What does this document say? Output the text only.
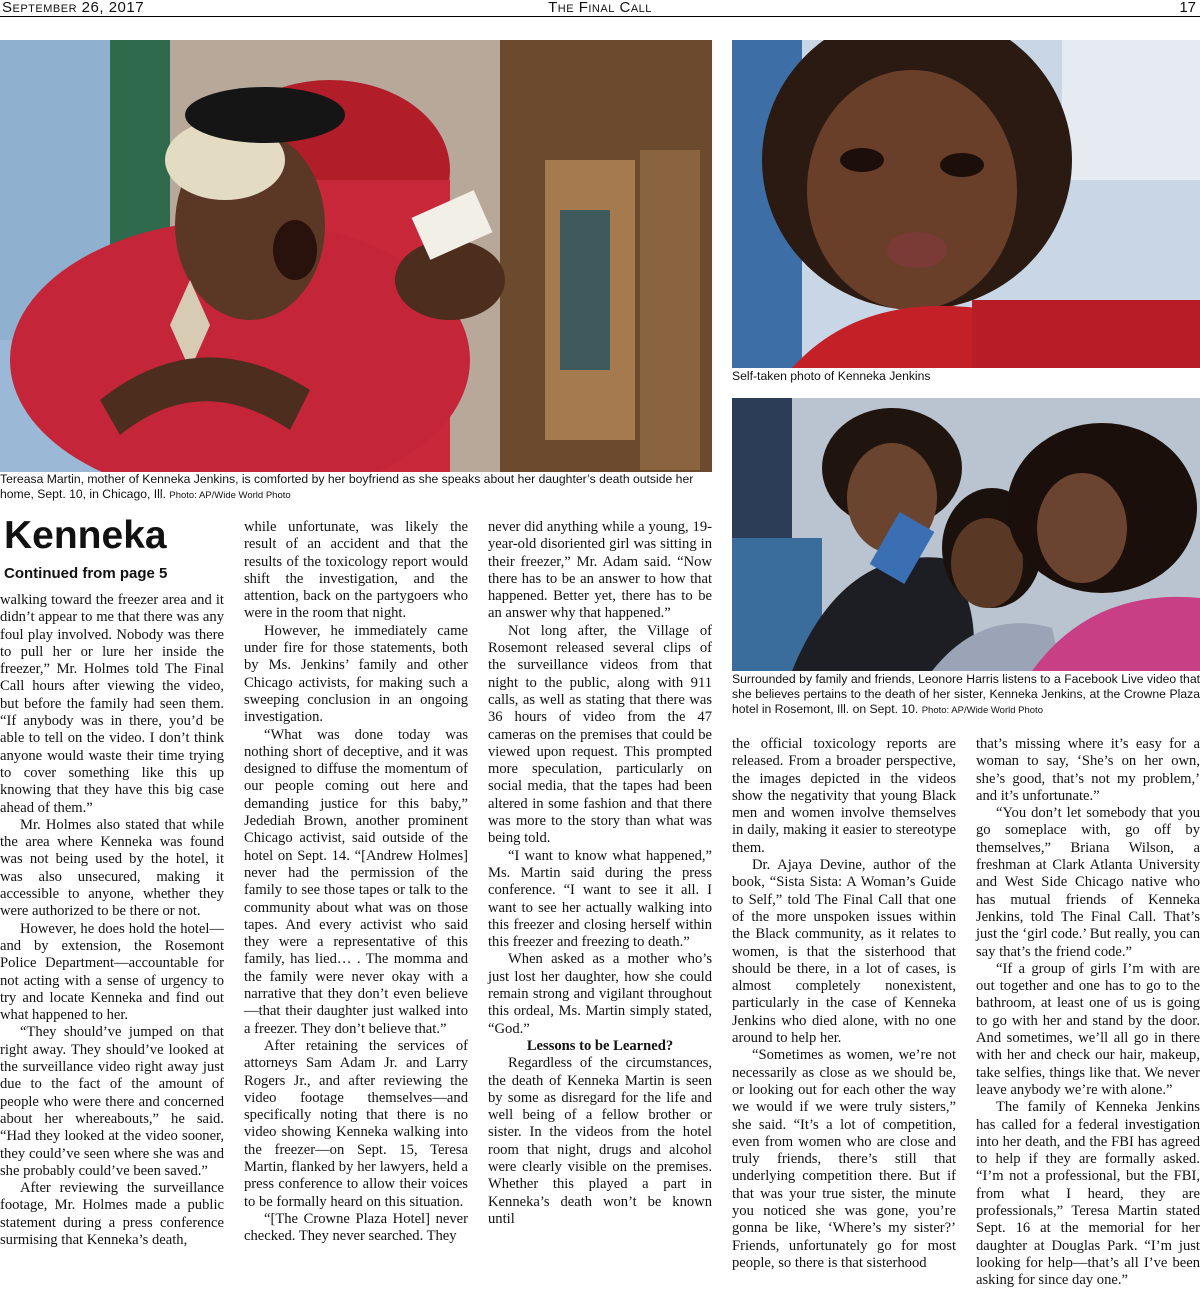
September 26, 2017	The Final Call	17
Tereasa Martin, mother of Kenneka Jenkins, is comforted by her boyfriend as she speaks about her daughter’s death outside her home, Sept. 10, in Chicago, Ill. Photo: AP/Wide World Photo
Self-taken photo of Kenneka Jenkins
Surrounded by family and friends, Leonore Harris listens to a Facebook Live video that she believes pertains to the death of her sister, Kenneka Jenkins, at the Crowne Plaza hotel in Rosemont, Ill. on Sept. 10. Photo: AP/Wide World Photo
Kenneka
Continued from page 5

walking toward the freezer area and it didn’t appear to me that there was any foul play involved. Nobody was there to pull her or lure her inside the freezer,” Mr. Holmes told The Final Call hours after viewing the video, but before the family had seen them. “If anybody was in there, you’d be able to tell on the video. I don’t think anyone would waste their time trying to cover something like this up knowing that they have this big case ahead of them.”

Mr. Holmes also stated that while the area where Kenneka was found was not being used by the hotel, it was also unsecured, making it accessible to anyone, whether they were authorized to be there or not.

However, he does hold the hotel—and by extension, the Rosemont Police Department—accountable for not acting with a sense of urgency to try and locate Kenneka and find out what happened to her.

“They should’ve jumped on that right away. They should’ve looked at the surveillance video right away just due to the fact of the amount of people who were there and concerned about her whereabouts,” he said. “Had they looked at the video sooner, they could’ve seen where she was and she probably could’ve been saved.”

After reviewing the surveillance footage, Mr. Holmes made a public statement during a press conference surmising that Kenneka’s death,

while unfortunate, was likely the result of an accident and that the results of the toxicology report would shift the investigation, and the attention, back on the partygoers who were in the room that night.

However, he immediately came under fire for those statements, both by Ms. Jenkins’ family and other Chicago activists, for making such a sweeping conclusion in an ongoing investigation.

“What was done today was nothing short of deceptive, and it was designed to diffuse the momentum of our people coming out here and demanding justice for this baby,” Jedediah Brown, another prominent Chicago activist, said outside of the hotel on Sept. 14. “[Andrew Holmes] never had the permission of the family to see those tapes or talk to the community about what was on those tapes. And every activist who said they were a representative of this family, has lied… . The momma and the family were never okay with a narrative that they don’t even believe—that their daughter just walked into a freezer. They don’t believe that.”

After retaining the services of attorneys Sam Adam Jr. and Larry Rogers Jr., and after reviewing the video footage themselves—and specifically noting that there is no video showing Kenneka walking into the freezer—on Sept. 15, Teresa Martin, flanked by her lawyers, held a press conference to allow their voices to be formally heard on this situation.

“[The Crowne Plaza Hotel] never checked. They never searched. They

never did anything while a young, 19-year-old disoriented girl was sitting in their freezer,” Mr. Adam said. “Now there has to be an answer to how that happened. Better yet, there has to be an answer why that happened.”

Not long after, the Village of Rosemont released several clips of the surveillance videos from that night to the public, along with 911 calls, as well as stating that there was 36 hours of video from the 47 cameras on the premises that could be viewed upon request. This prompted more speculation, particularly on social media, that the tapes had been altered in some fashion and that there was more to the story than what was being told.

“I want to know what happened,” Ms. Martin said during the press conference. “I want to see it all. I want to see her actually walking into this freezer and closing herself within this freezer and freezing to death.”

When asked as a mother who’s just lost her daughter, how she could remain strong and vigilant throughout this ordeal, Ms. Martin simply stated, “God.”

Lessons to be Learned?

Regardless of the circumstances, the death of Kenneka Martin is seen by some as disregard for the life and well being of a fellow brother or sister. In the videos from the hotel room that night, drugs and alcohol were clearly visible on the premises. Whether this played a part in Kenneka’s death won’t be known until

the official toxicology reports are released. From a broader perspective, the images depicted in the videos show the negativity that young Black men and women involve themselves in daily, making it easier to stereotype them.

Dr. Ajaya Devine, author of the book, “Sista Sista: A Woman’s Guide to Self,” told The Final Call that one of the more unspoken issues within the Black community, as it relates to women, is that the sisterhood that should be there, in a lot of cases, is almost completely nonexistent, particularly in the case of Kenneka Jenkins who died alone, with no one around to help her.

“Sometimes as women, we’re not necessarily as close as we should be, or looking out for each other the way we would if we were truly sisters,” she said. “It’s a lot of competition, even from women who are close and truly friends, there’s still that underlying competition there. But if that was your true sister, the minute you noticed she was gone, you’re gonna be like, ‘Where’s my sister?’ Friends, unfortunately go for most people, so there is that sisterhood

that’s missing where it’s easy for a woman to say, ‘She’s on her own, she’s good, that’s not my problem,’ and it’s unfortunate.”

“You don’t let somebody that you go someplace with, go off by themselves,” Briana Wilson, a freshman at Clark Atlanta University and West Side Chicago native who has mutual friends of Kenneka Jenkins, told The Final Call. That’s just the ‘girl code.’ But really, you can say that’s the friend code.”

“If a group of girls I’m with are out together and one has to go to the bathroom, at least one of us is going to go with her and stand by the door. And sometimes, we’ll all go in there with her and check our hair, makeup, take selfies, things like that. We never leave anybody we’re with alone.”

The family of Kenneka Jenkins has called for a federal investigation into her death, and the FBI has agreed to help if they are formally asked. “I’m not a professional, but the FBI, from what I heard, they are professionals,” Teresa Martin stated Sept. 16 at the memorial for her daughter at Douglas Park. “I’m just looking for help—that’s all I’ve been asking for since day one.”
